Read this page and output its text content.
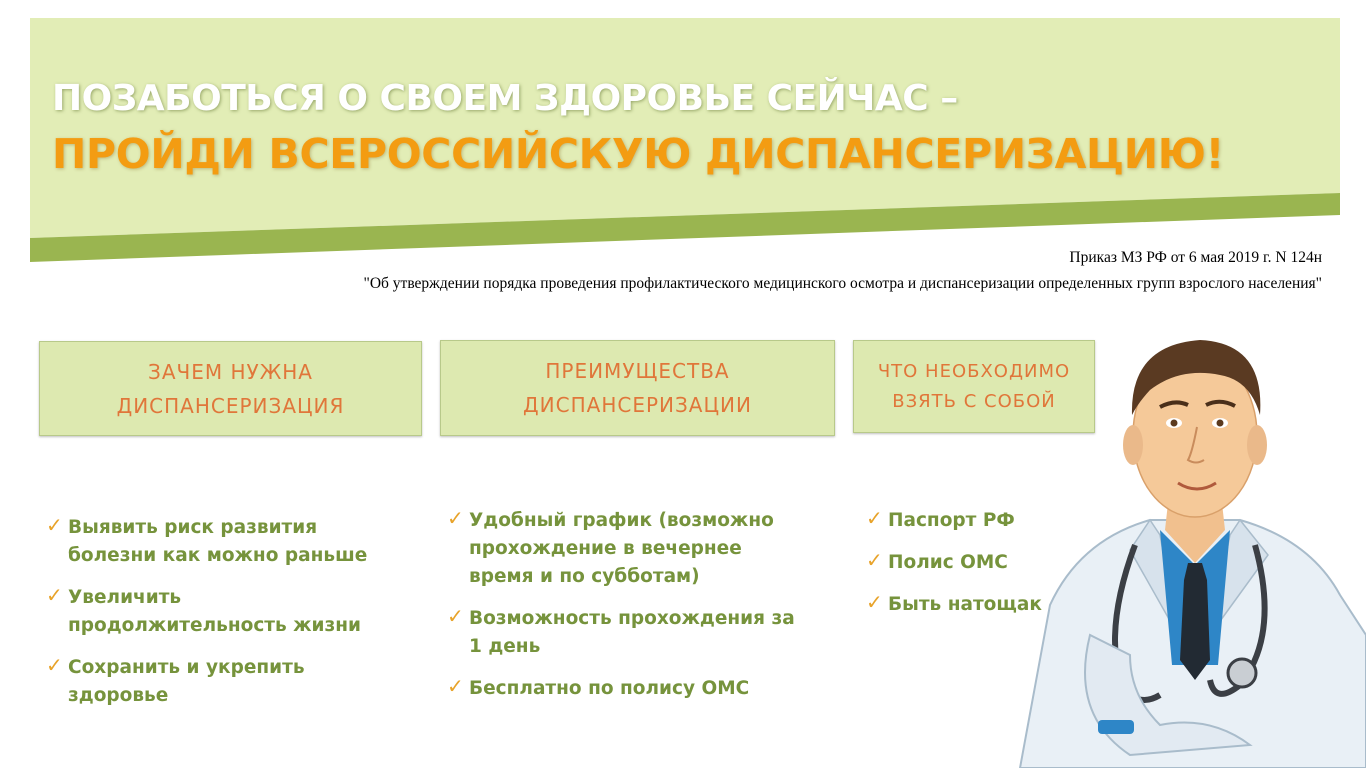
ПОЗАБОТЬСЯ О СВОЕМ ЗДОРОВЬЕ СЕЙЧАС –
ПРОЙДИ ВСЕРОССИЙСКУЮ ДИСПАНСЕРИЗАЦИЮ!
Приказ МЗ РФ от 6 мая 2019 г. N 124н
"Об утверждении порядка проведения профилактического медицинского осмотра и диспансеризации определенных групп взрослого населения"
ЗАЧЕМ НУЖНА
ДИСПАНСЕРИЗАЦИЯ
ПРЕИМУЩЕСТВА
ДИСПАНСЕРИЗАЦИИ
ЧТО НЕОБХОДИМО
ВЗЯТЬ С СОБОЙ
✓ Выявить риск развития
болезни как можно раньше
✓ Увеличить
продолжительность жизни
✓ Сохранить и укрепить
здоровье
✓ Удобный график (возможно
прохождение в вечернее
время и по субботам)
✓ Возможность прохождения за
1 день
✓ Бесплатно по полису ОМС
✓ Паспорт РФ
✓ Полис ОМС
✓ Быть натощак
